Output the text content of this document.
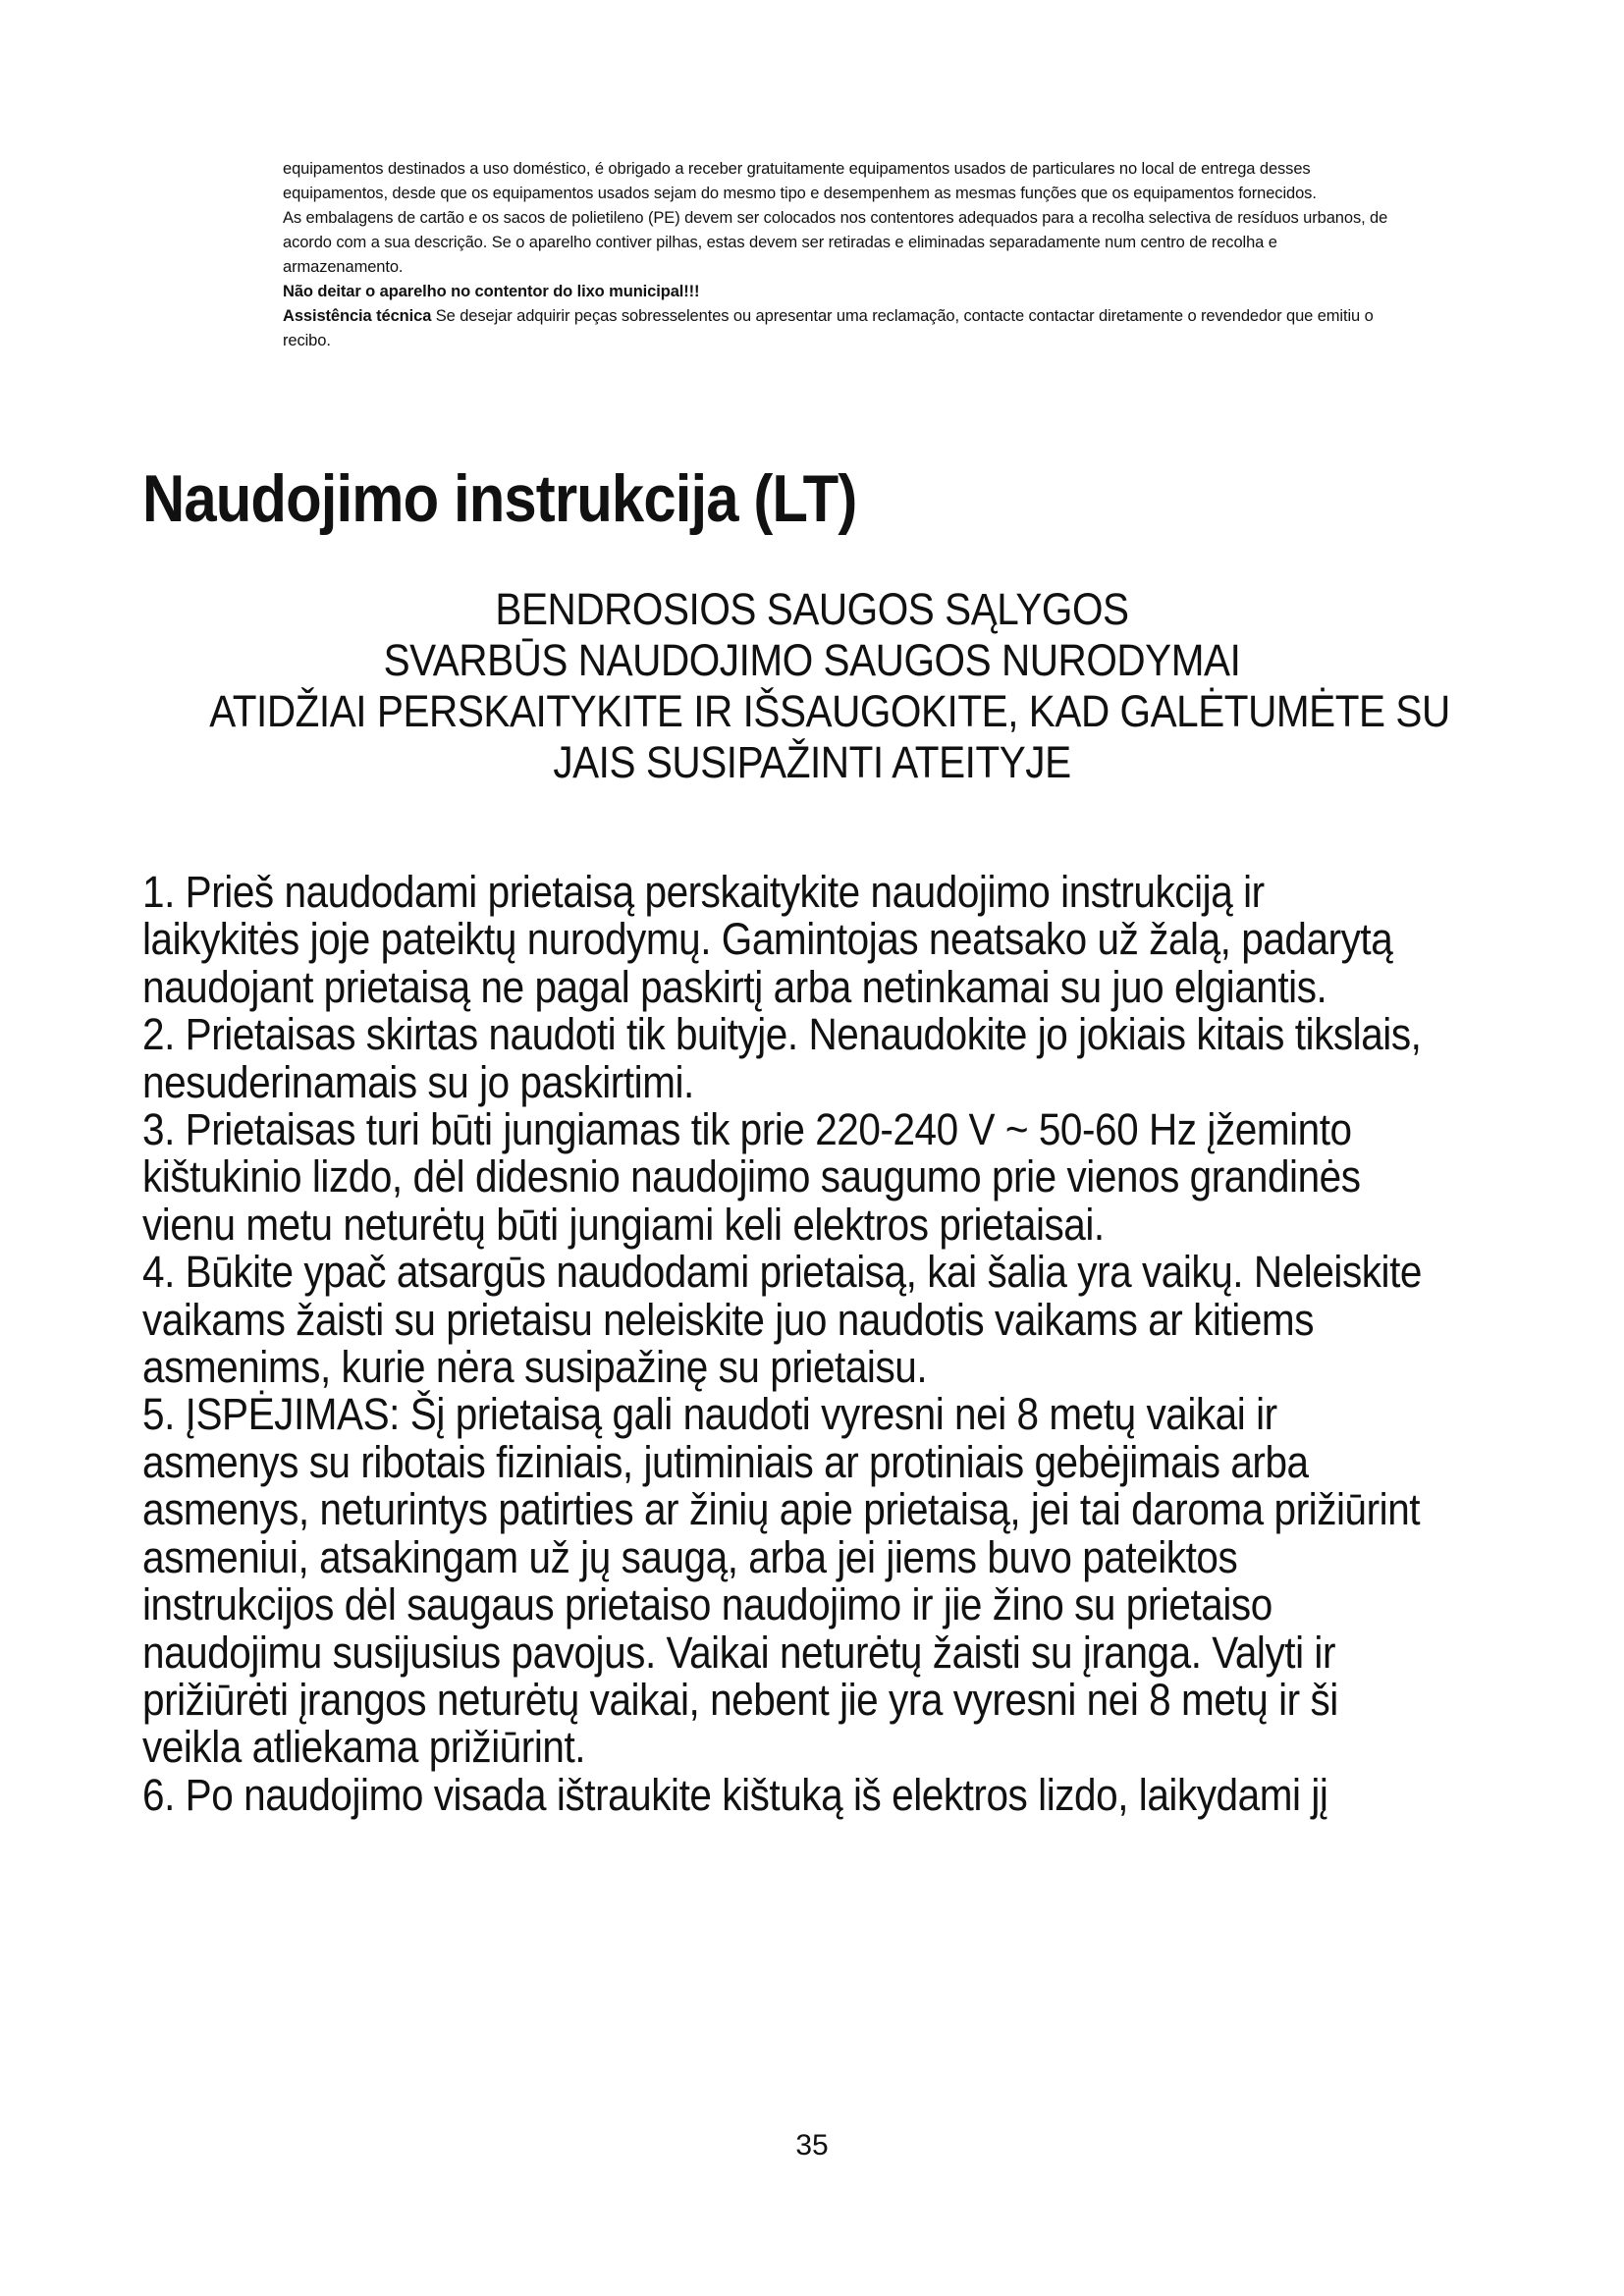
equipamentos destinados a uso doméstico, é obrigado a receber gratuitamente equipamentos usados de particulares no local de entrega desses
equipamentos, desde que os equipamentos usados sejam do mesmo tipo e desempenhem as mesmas funções que os equipamentos fornecidos.

As embalagens de cartão e os sacos de polietileno (PE) devem ser colocados nos contentores adequados para a recolha selectiva de resíduos urbanos, de
acordo com a sua descrição. Se o aparelho contiver pilhas, estas devem ser retiradas e eliminadas separadamente num centro de recolha e
armazenamento.

Não deitar o aparelho no contentor do lixo municipal!!!

Assistência técnica Se desejar adquirir peças sobresselentes ou apresentar uma reclamação, contacte contactar diretamente o revendedor que emitiu o
recibo.

Naudojimo instrukcija (LT)
BENDROSIOS SAUGOS SĄLYGOS
SVARBŪS NAUDOJIMO SAUGOS NURODYMAI
ATIDŽIAI PERSKAITYKITE IR IŠSAUGOKITE, KAD GALĖTUMĖTE SU
JAIS SUSIPAŽINTI ATEITYJE
1. Prieš naudodami prietaisą perskaitykite naudojimo instrukciją ir
laikykitės joje pateiktų nurodymų. Gamintojas neatsako už žalą, padarytą
naudojant prietaisą ne pagal paskirtį arba netinkamai su juo elgiantis.
2. Prietaisas skirtas naudoti tik buityje. Nenaudokite jo jokiais kitais tikslais,
nesuderinamais su jo paskirtimi.
3. Prietaisas turi būti jungiamas tik prie 220-240 V ~ 50-60 Hz įžeminto
kištukinio lizdo, dėl didesnio naudojimo saugumo prie vienos grandinės
vienu metu neturėtų būti jungiami keli elektros prietaisai.
4. Būkite ypač atsargūs naudodami prietaisą, kai šalia yra vaikų. Neleiskite
vaikams žaisti su prietaisu neleiskite juo naudotis vaikams ar kitiems
asmenims, kurie nėra susipažinę su prietaisu.
5. ĮSPĖJIMAS: Šį prietaisą gali naudoti vyresni nei 8 metų vaikai ir
asmenys su ribotais fiziniais, jutiminiais ar protiniais gebėjimais arba
asmenys, neturintys patirties ar žinių apie prietaisą, jei tai daroma prižiūrint
asmeniui, atsakingam už jų saugą, arba jei jiems buvo pateiktos
instrukcijos dėl saugaus prietaiso naudojimo ir jie žino su prietaiso
naudojimu susijusius pavojus. Vaikai neturėtų žaisti su įranga. Valyti ir
prižiūrėti įrangos neturėtų vaikai, nebent jie yra vyresni nei 8 metų ir ši
veikla atliekama prižiūrint.
6. Po naudojimo visada ištraukite kištuką iš elektros lizdo, laikydami jį
35
